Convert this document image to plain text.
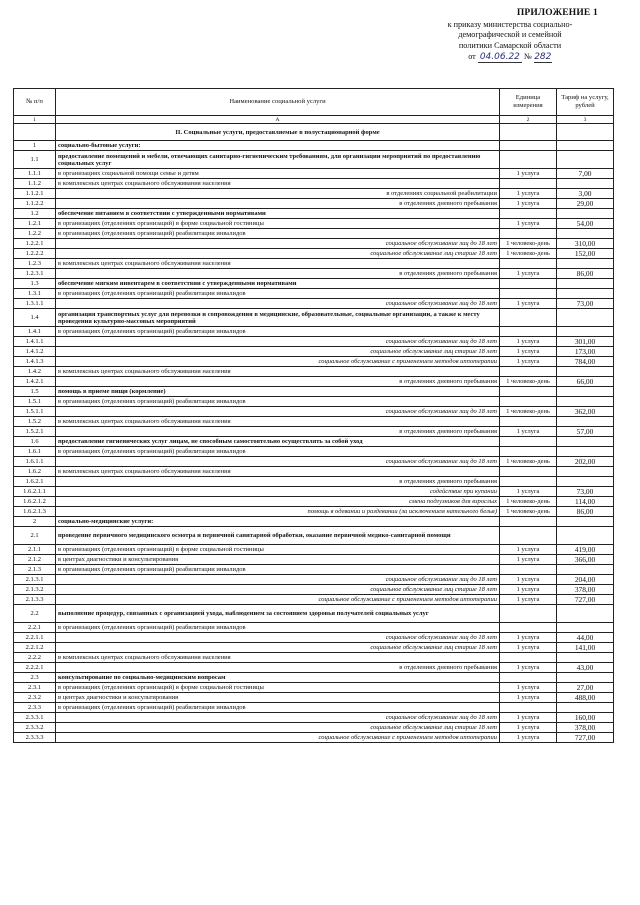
ПРИЛОЖЕНИЕ 1
к приказу министерства социально-
демографической и семейной
политики Самарской области
от 04.06.22 № 282
№ п/п	Наименование социальной услуги	Единица измерения	Тариф на услугу, рублей
1	А	2	3
	II. Социальные услуги, предоставляемые в полустационарной форме		
1	социально-бытовые услуги:		
1.1	предоставление помещений и мебели, отвечающих санитарно-гигиеническим требованиям, для организации мероприятий по предоставлению социальных услуг		
1.1.1	в организациях социальной помощи семье и детям	1 услуга	7,00
1.1.2	в комплексных центрах социального обслуживания населения		
1.1.2.1	в отделениях социальной реабилитации	1 услуга	3,00
1.1.2.2	в отделениях дневного пребывания	1 услуга	29,00
1.2	обеспечение питанием в соответствии с утвержденными нормативами		
1.2.1	в организациях (отделениях организаций) в форме социальной гостиницы	1 услуга	54,00
1.2.2	в организациях (отделениях организаций) реабилитации инвалидов		
1.2.2.1	социальное обслуживание лиц до 18 лет	1 человеко-день	310,00
1.2.2.2	социальное обслуживание лиц старше 18 лет	1 человеко-день	152,00
1.2.3	в комплексных центрах социального обслуживания населения		
1.2.3.1	в отделениях дневного пребывания	1 услуга	86,00
1.3	обеспечение мягким инвентарем в соответствии с утвержденными нормативами		
1.3.1	в организациях (отделениях организаций) реабилитации инвалидов		
1.3.1.1	социальное обслуживание лиц до 18 лет	1 услуга	73,00
1.4	организация транспортных услуг для перевозки и сопровождения в медицинские, образовательные, социальные организации, а также к месту проведения культурно-массовых мероприятий		
1.4.1	в организациях (отделениях организаций) реабилитации инвалидов		
1.4.1.1	социальное обслуживание лиц до 18 лет	1 услуга	301,00
1.4.1.2	социальное обслуживание лиц старше 18 лет	1 услуга	173,00
1.4.1.3	социальное обслуживание с применением методов иппотерапии	1 услуга	784,00
1.4.2	в комплексных центрах социального обслуживания населения		
1.4.2.1	в отделениях дневного пребывания	1 человеко-день	66,00
1.5	помощь в приеме пищи (кормление)		
1.5.1	в организациях (отделениях организаций) реабилитации инвалидов		
1.5.1.1	социальное обслуживание лиц до 18 лет	1 человеко-день	362,00
1.5.2	в комплексных центрах социального обслуживания населения		
1.5.2.1	в отделениях дневного пребывания	1 услуга	57,00
1.6	предоставление гигиенических услуг лицам, не способным самостоятельно осуществлять за собой уход		
1.6.1	в организациях (отделениях организаций) реабилитации инвалидов		
1.6.1.1	социальное обслуживание лиц до 18 лет	1 человеко-день	202,00
1.6.2	в комплексных центрах социального обслуживания населения		
1.6.2.1	в отделениях дневного пребывания		
1.6.2.1.1	содействие при купании	1 услуга	73,00
1.6.2.1.2	смена подгузников для взрослых	1 человеко-день	114,00
1.6.2.1.3	помощь в одевании и раздевании (за исключением нательного белья)	1 человеко-день	86,00
2	социально-медицинские услуги:		
2.1	проведение первичного медицинского осмотра и первичной санитарной обработки, оказание первичной медико-санитарной помощи		
2.1.1	в организациях (отделениях организаций) в форме социальной гостиницы	1 услуга	419,00
2.1.2	в центрах диагностики и консультирования	1 услуга	366,00
2.1.3	в организациях (отделениях организаций) реабилитации инвалидов		
2.1.3.1	социальное обслуживание лиц до 18 лет	1 услуга	204,00
2.1.3.2	социальное обслуживание лиц старше 18 лет	1 услуга	378,00
2.1.3.3	социальное обслуживание с применением методов иппотерапии	1 услуга	727,00
2.2	выполнение процедур, связанных с организацией ухода, наблюдением за состоянием здоровья получателей социальных услуг		
2.2.1	в организациях (отделениях организаций) реабилитации инвалидов		
2.2.1.1	социальное обслуживание лиц до 18 лет	1 услуга	44,00
2.2.1.2	социальное обслуживание лиц старше 18 лет	1 услуга	141,00
2.2.2	в комплексных центрах социального обслуживания населения		
2.2.2.1	в отделениях дневного пребывания	1 услуга	43,00
2.3	консультирование по социально-медицинским вопросам		
2.3.1	в организациях (отделениях организаций) в форме социальной гостиницы	1 услуга	27,00
2.3.2	в центрах диагностики и консультирования	1 услуга	488,00
2.3.3	в организациях (отделениях организаций) реабилитации инвалидов		
2.3.3.1	социальное обслуживание лиц до 18 лет	1 услуга	160,00
2.3.3.2	социальное обслуживание лиц старше 18 лет	1 услуга	378,00
2.3.3.3	социальное обслуживание с применением методов иппотерапии	1 услуга	727,00
